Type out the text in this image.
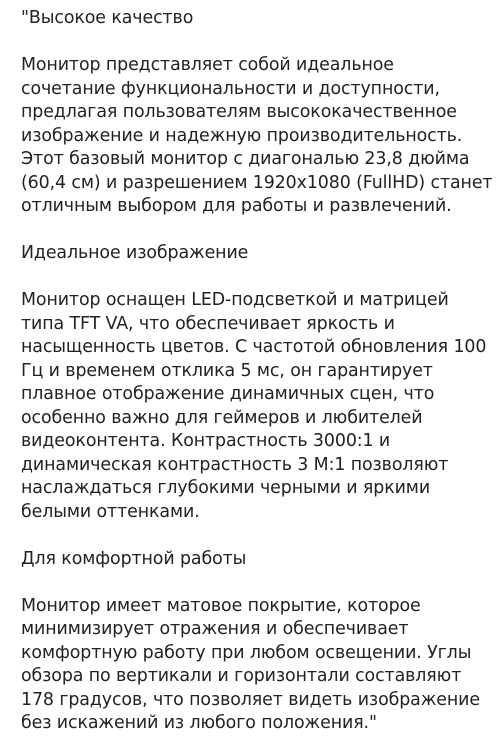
"Высокое качество

Монитор представляет собой идеальное сочетание функциональности и доступности, предлагая пользователям высококачественное изображение и надежную производительность. Этот базовый монитор с диагональю 23,8 дюйма (60,4 см) и разрешением 1920x1080 (FullHD) станет отличным выбором для работы и развлечений.

Идеальное изображение

Монитор оснащен LED-подсветкой и матрицей типа TFT VA, что обеспечивает яркость и насыщенность цветов. С частотой обновления 100 Гц и временем отклика 5 мс, он гарантирует плавное отображение динамичных сцен, что особенно важно для геймеров и любителей видеоконтента. Контрастность 3000:1 и динамическая контрастность 3 M:1 позволяют наслаждаться глубокими черными и яркими белыми оттенками.

Для комфортной работы

Монитор имеет матовое покрытие, которое минимизирует отражения и обеспечивает комфортную работу при любом освещении. Углы обзора по вертикали и горизонтали составляют 178 градусов, что позволяет видеть изображение без искажений из любого положения."
